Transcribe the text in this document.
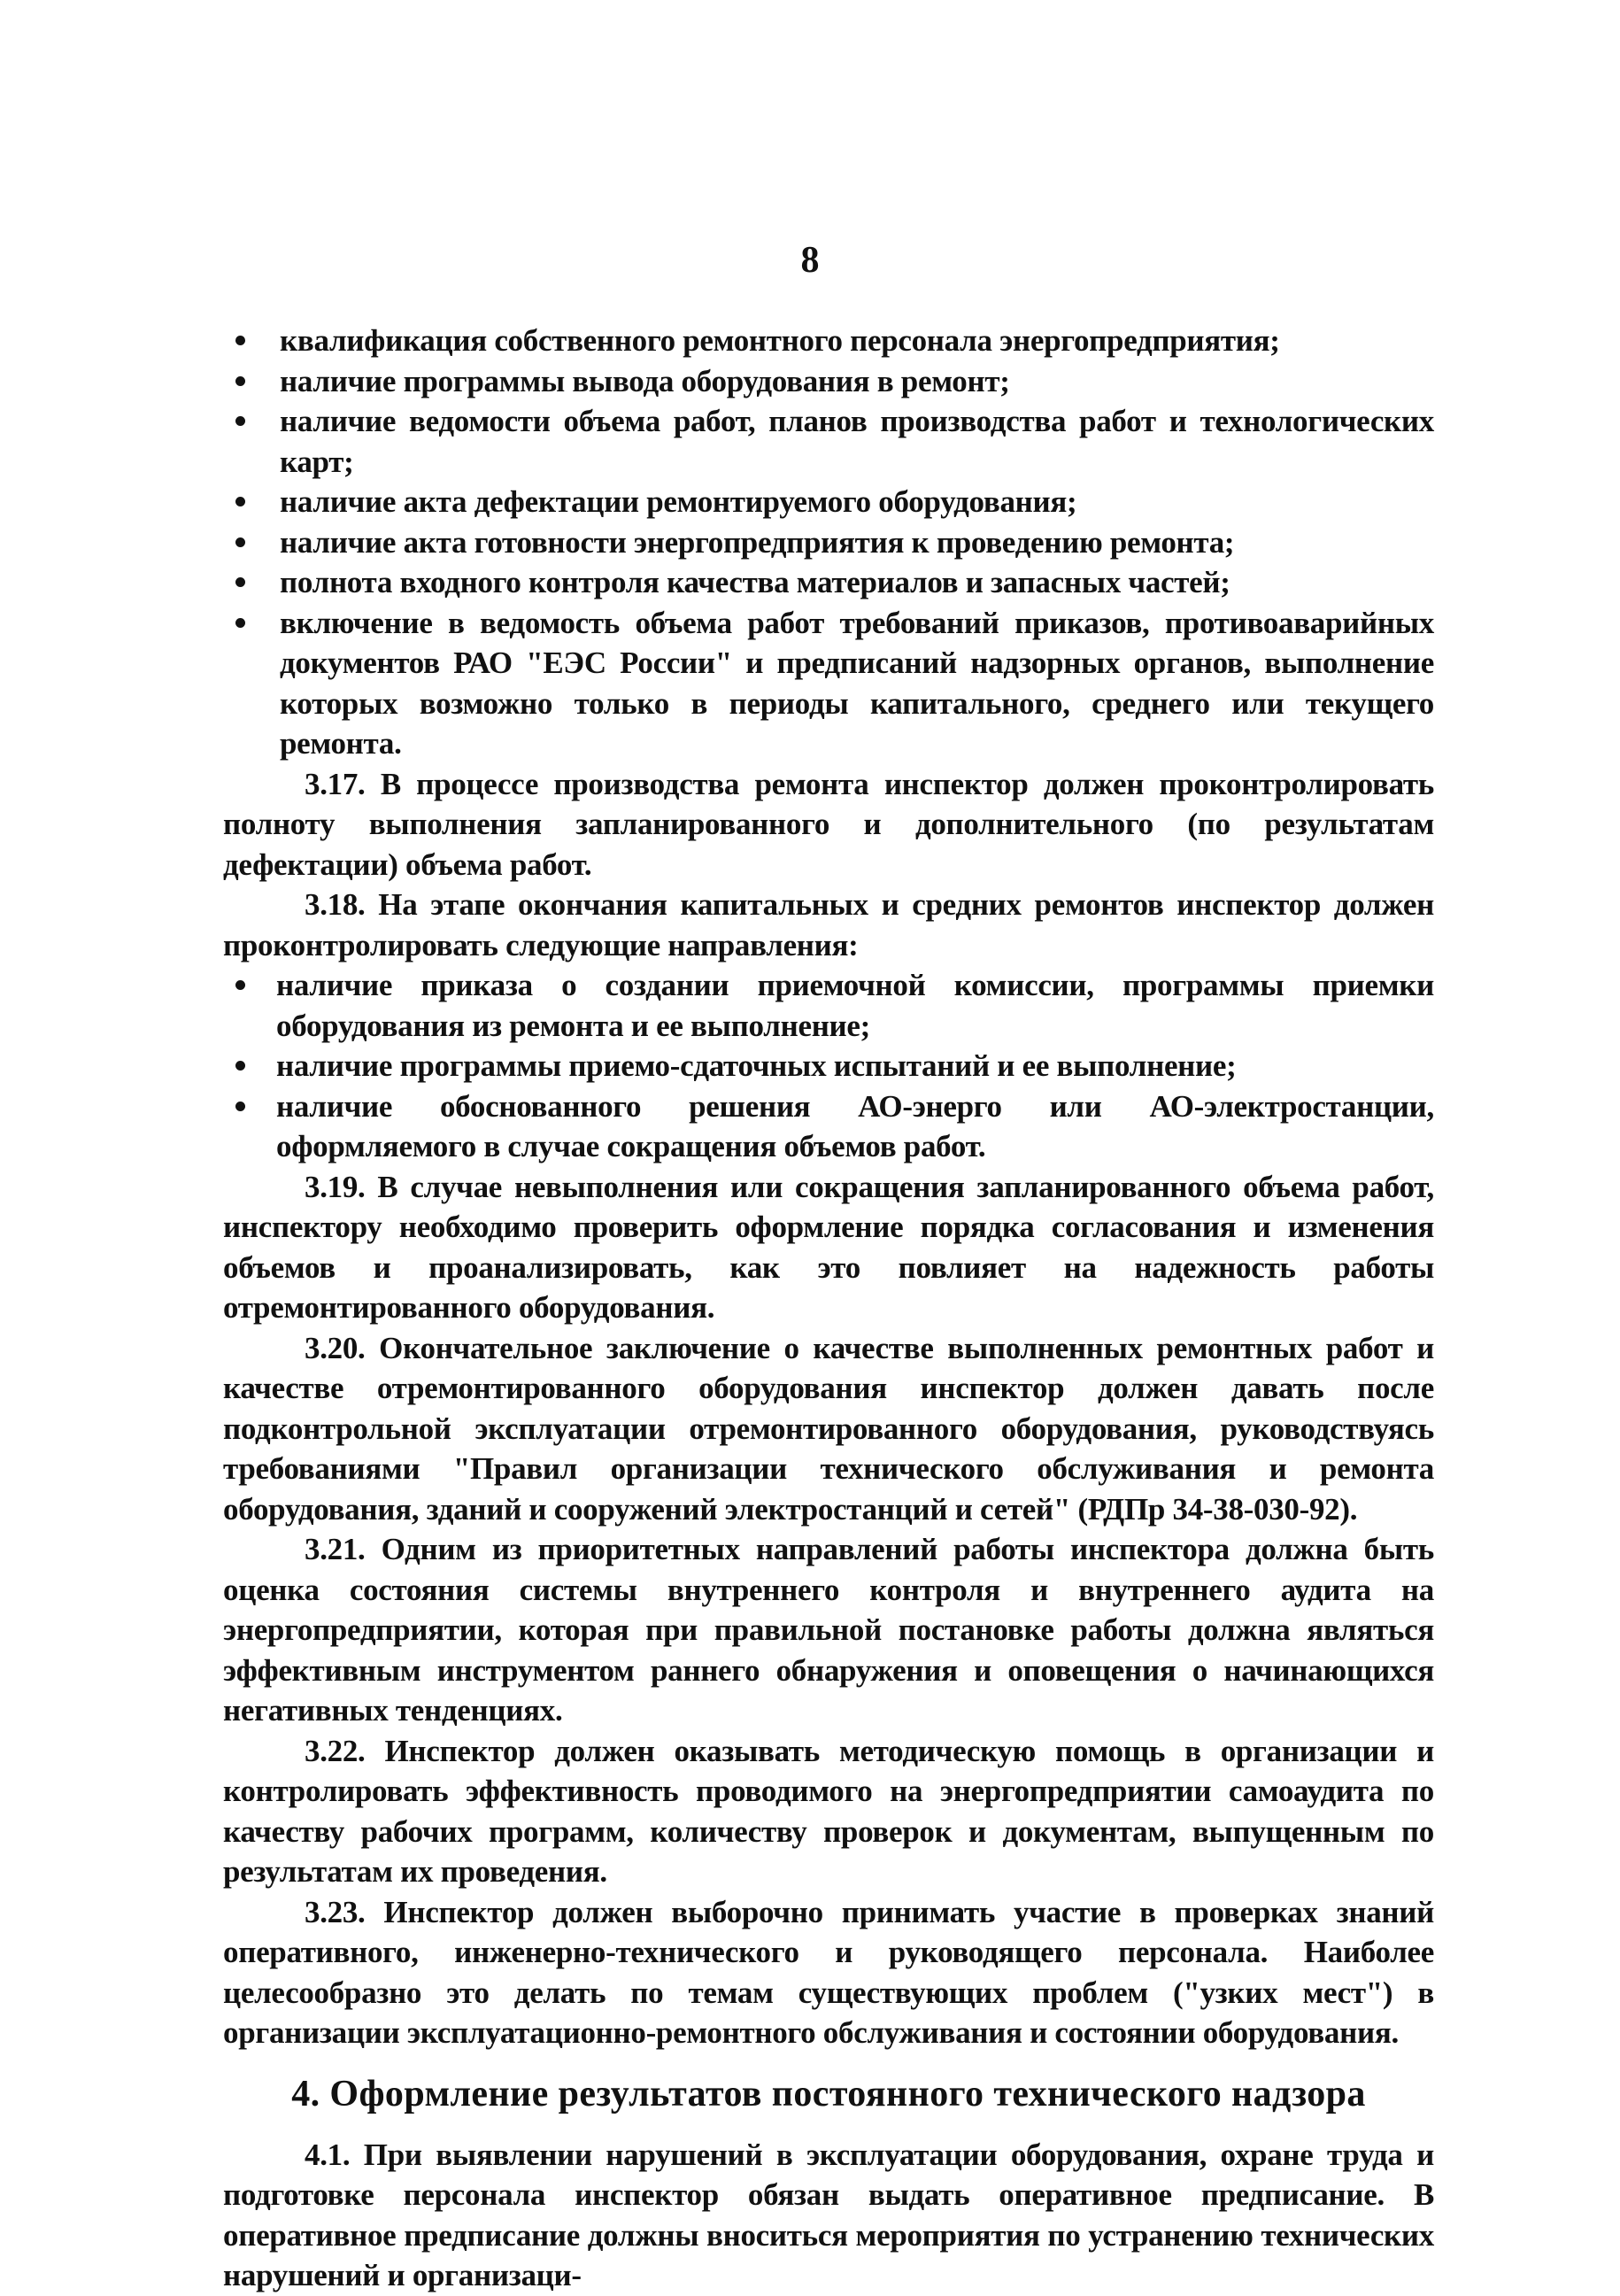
8
квалификация собственного ремонтного персонала энергопредприятия;
наличие программы вывода оборудования в ремонт;
наличие ведомости объема работ, планов производства работ и технологических карт;
наличие акта дефектации ремонтируемого оборудования;
наличие акта готовности энергопредприятия к проведению ремонта;
полнота входного контроля качества материалов и запасных частей;
включение в ведомость объема работ требований приказов, противоаварийных документов РАО "ЕЭС России" и предписаний надзорных органов, выполнение которых возможно только в периоды капитального, среднего или текущего ремонта.

3.17. В процессе производства ремонта инспектор должен проконтролировать полноту выполнения запланированного и дополнительного (по результатам дефектации) объема работ.

3.18. На этапе окончания капитальных и средних ремонтов инспектор должен проконтролировать следующие направления:

наличие приказа о создании приемочной комиссии, программы приемки оборудования из ремонта и ее выполнение;
наличие программы приемо-сдаточных испытаний и ее выполнение;
наличие обоснованного решения АО-энерго или АО-электростанции, оформляемого в случае сокращения объемов работ.

3.19. В случае невыполнения или сокращения запланированного объема работ, инспектору необходимо проверить оформление порядка согласования и изменения объемов и проанализировать, как это повлияет на надежность работы отремонтированного оборудования.

3.20. Окончательное заключение о качестве выполненных ремонтных работ и качестве отремонтированного оборудования инспектор должен давать после подконтрольной эксплуатации отремонтированного оборудования, руководствуясь требованиями "Правил организации технического обслуживания и ремонта оборудования, зданий и сооружений электростанций и сетей" (РДПр 34-38-030-92).

3.21. Одним из приоритетных направлений работы инспектора должна быть оценка состояния системы внутреннего контроля и внутреннего аудита на энергопредприятии, которая при правильной постановке работы должна являться эффективным инструментом раннего обнаружения и оповещения о начинающихся негативных тенденциях.

3.22. Инспектор должен оказывать методическую помощь в организации и контролировать эффективность проводимого на энергопредприятии самоаудита по качеству рабочих программ, количеству проверок и документам, выпущенным по результатам их проведения.

3.23. Инспектор должен выборочно принимать участие в проверках знаний оперативного, инженерно-технического и руководящего персонала. Наиболее целесообразно это делать по темам существующих проблем ("узких мест") в организации эксплуатационно-ремонтного обслуживания и состоянии оборудования.

4. Оформление результатов постоянного технического надзора

4.1. При выявлении нарушений в эксплуатации оборудования, охране труда и подготовке персонала инспектор обязан выдать оперативное предписание. В оперативное предписание должны вноситься мероприятия по устранению технических нарушений и организаци-
